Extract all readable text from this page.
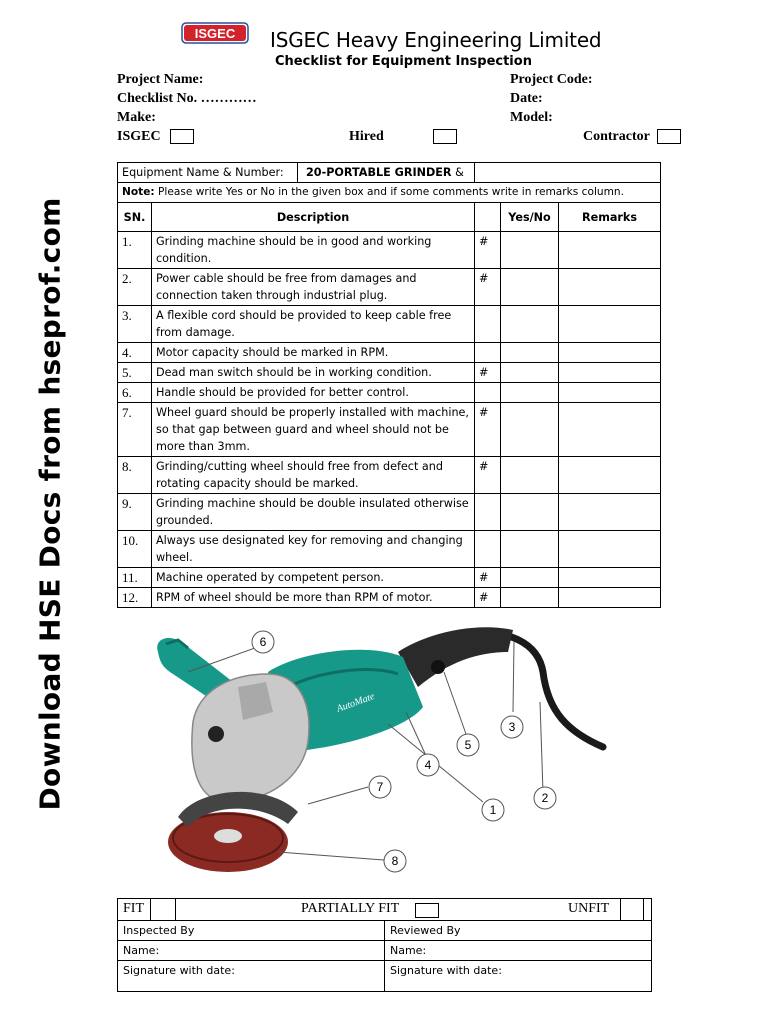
Download HSE Docs from hseprof.com
ISGEC ISGEC Heavy Engineering Limited
Checklist for Equipment Inspection
Project Name:	Project Code:
Checklist No. …………	Date:
Make:	Model:
ISGEC	Hired	Contractor
Equipment Name & Number:	20-PORTABLE GRINDER &

Note: Please write Yes or No in the given box and if some comments write in remarks column.
SN.	Description		Yes/No	Remarks
1.	Grinding machine should be in good and working condition.	#		
2.	Power cable should be free from damages and connection taken through industrial plug.	#		
3.	A flexible cord should be provided to keep cable free from damage.			
4.	Motor capacity should be marked in RPM.			
5.	Dead man switch should be in working condition.	#		
6.	Handle should be provided for better control.			
7.	Wheel guard should be properly installed with machine, so that gap between guard and wheel should not be more than 3mm.	#		
8.	Grinding/cutting wheel should free from defect and rotating capacity should be marked.	#		
9.	Grinding machine should be double insulated otherwise grounded.			
10.	Always use designated key for removing and changing wheel.			
11.	Machine operated by competent person.	#		
12.	RPM of wheel should be more than RPM of motor.	#		
AutoMate
1
2
3
4
5
6
7
8
FIT PARTIALLY FIT UNFIT	

Inspected By	Reviewed By
Name:	Name:
Signature with date:	Signature with date:
